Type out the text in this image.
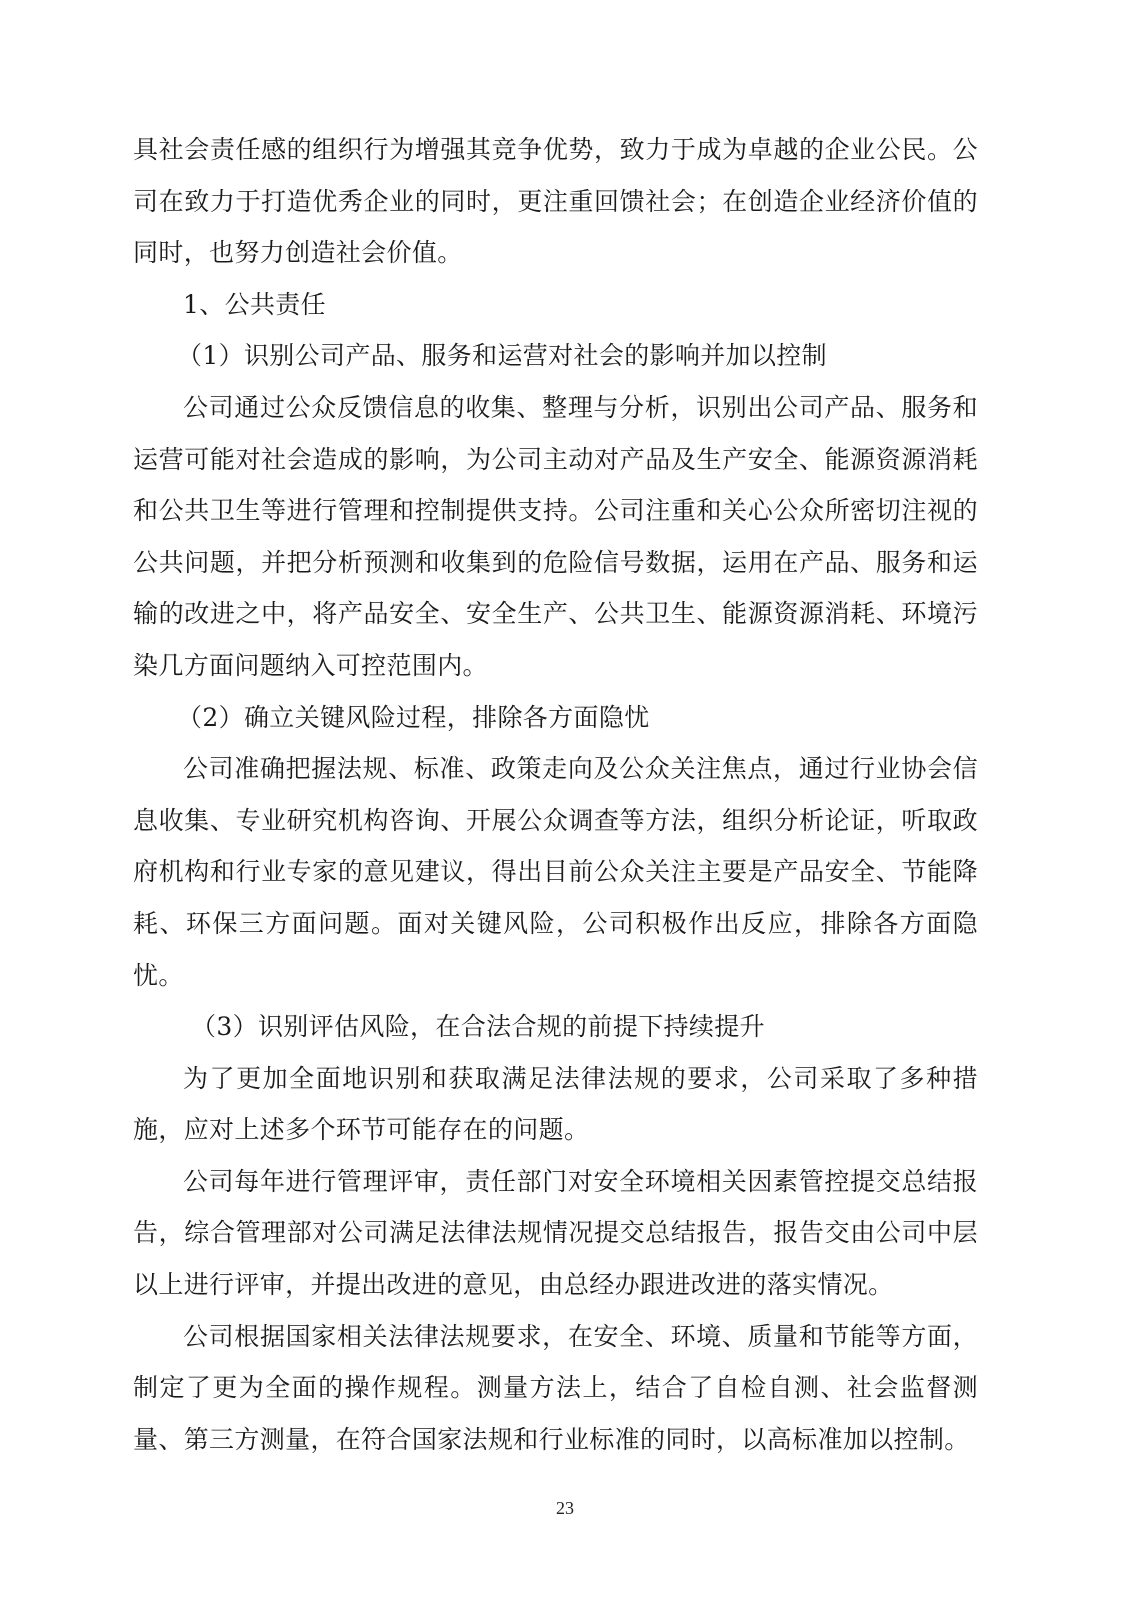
具社会责任感的组织行为增强其竞争优势，致力于成为卓越的企业公民。公司在致力于打造优秀企业的同时，更注重回馈社会；在创造企业经济价值的同时，也努力创造社会价值。

1、公共责任

（1）识别公司产品、服务和运营对社会的影响并加以控制

公司通过公众反馈信息的收集、整理与分析，识别出公司产品、服务和运营可能对社会造成的影响，为公司主动对产品及生产安全、能源资源消耗和公共卫生等进行管理和控制提供支持。公司注重和关心公众所密切注视的公共问题，并把分析预测和收集到的危险信号数据，运用在产品、服务和运输的改进之中，将产品安全、安全生产、公共卫生、能源资源消耗、环境污染几方面问题纳入可控范围内。

（2）确立关键风险过程，排除各方面隐忧

公司准确把握法规、标准、政策走向及公众关注焦点，通过行业协会信息收集、专业研究机构咨询、开展公众调查等方法，组织分析论证，听取政府机构和行业专家的意见建议，得出目前公众关注主要是产品安全、节能降耗、环保三方面问题。面对关键风险，公司积极作出反应，排除各方面隐忧。

（3）识别评估风险，在合法合规的前提下持续提升

为了更加全面地识别和获取满足法律法规的要求，公司采取了多种措施，应对上述多个环节可能存在的问题。

公司每年进行管理评审，责任部门对安全环境相关因素管控提交总结报告，综合管理部对公司满足法律法规情况提交总结报告，报告交由公司中层以上进行评审，并提出改进的意见，由总经办跟进改进的落实情况。

公司根据国家相关法律法规要求，在安全、环境、质量和节能等方面，制定了更为全面的操作规程。测量方法上，结合了自检自测、社会监督测量、第三方测量，在符合国家法规和行业标准的同时，以高标准加以控制。

23
